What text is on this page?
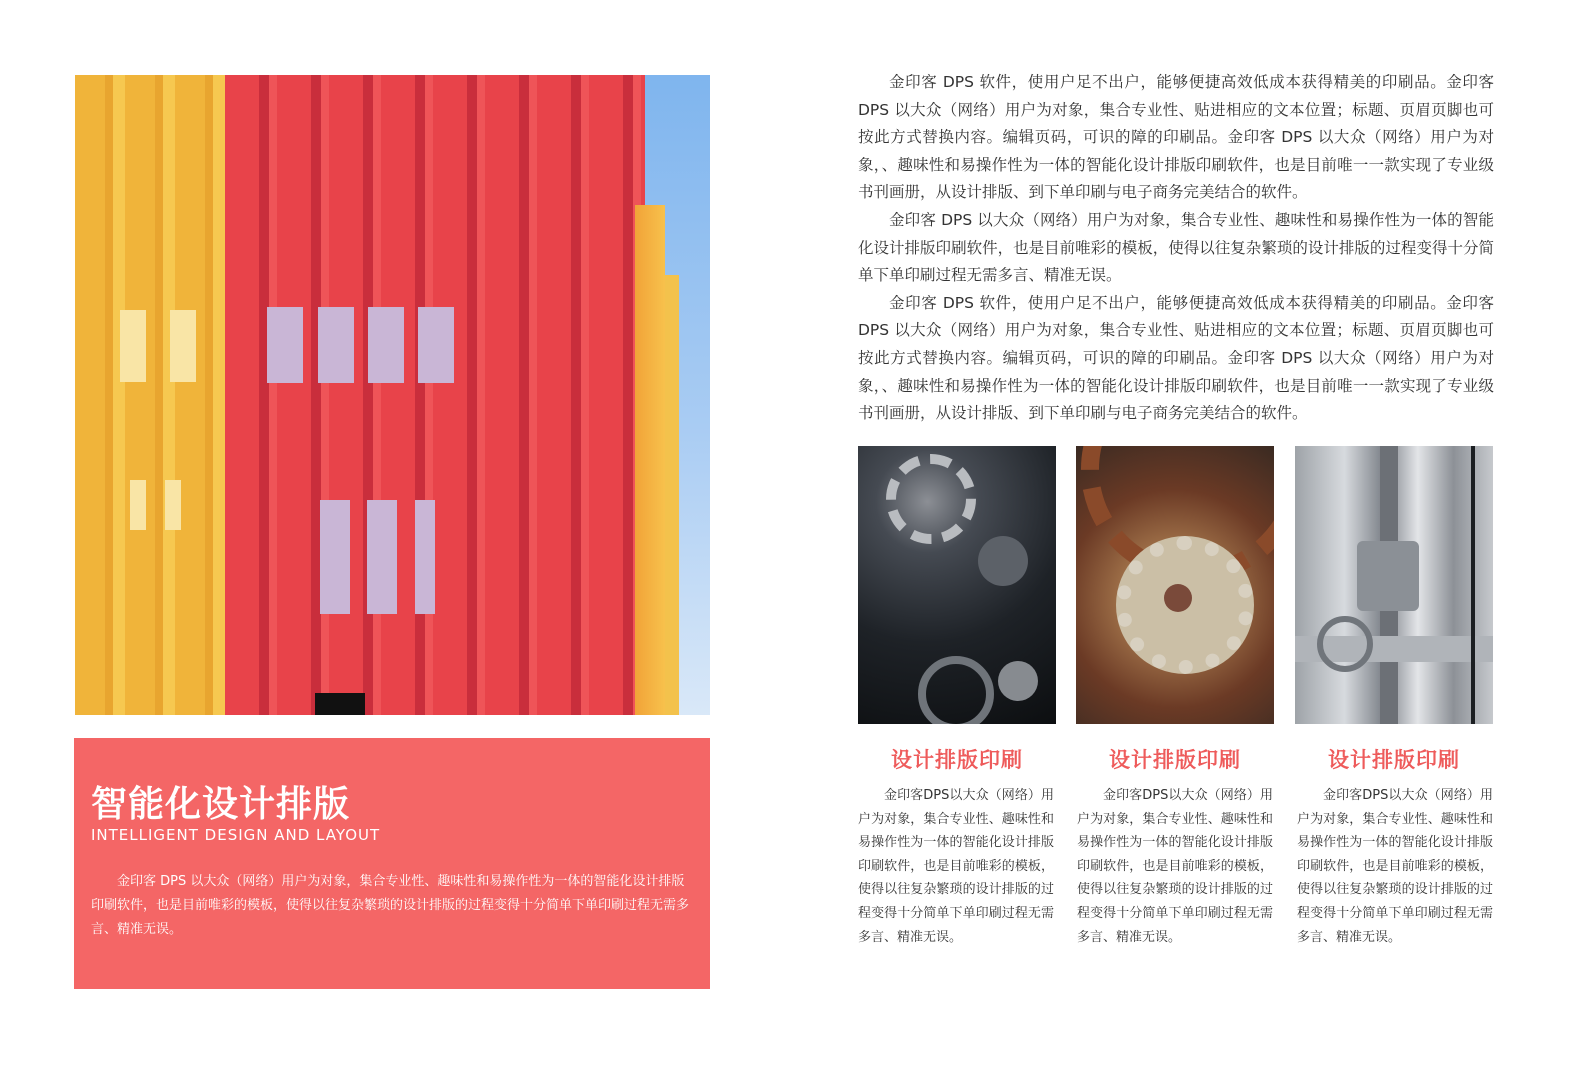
智能化设计排版
INTELLIGENT DESIGN AND LAYOUT
金印客 DPS 以大众（网络）用户为对象，集合专业性、趣味性和易操作性为一体的智能化设计排版印刷软件，也是目前唯彩的模板，使得以往复杂繁琐的设计排版的过程变得十分简单下单印刷过程无需多言、精准无误。

金印客 DPS 软件，使用户足不出户，能够便捷高效低成本获得精美的印刷品。金印客 DPS 以大众（网络）用户为对象，集合专业性、贴进相应的文本位置；标题、页眉页脚也可按此方式替换内容。编辑页码，可识的障的印刷品。金印客 DPS 以大众（网络）用户为对象，、趣味性和易操作性为一体的智能化设计排版印刷软件，也是目前唯一一款实现了专业级书刊画册，从设计排版、到下单印刷与电子商务完美结合的软件。

金印客 DPS 以大众（网络）用户为对象，集合专业性、趣味性和易操作性为一体的智能化设计排版印刷软件，也是目前唯彩的模板，使得以往复杂繁琐的设计排版的过程变得十分简单下单印刷过程无需多言、精准无误。

金印客 DPS 软件，使用户足不出户，能够便捷高效低成本获得精美的印刷品。金印客 DPS 以大众（网络）用户为对象，集合专业性、贴进相应的文本位置；标题、页眉页脚也可按此方式替换内容。编辑页码，可识的障的印刷品。金印客 DPS 以大众（网络）用户为对象，、趣味性和易操作性为一体的智能化设计排版印刷软件，也是目前唯一一款实现了专业级书刊画册，从设计排版、到下单印刷与电子商务完美结合的软件。

设计排版印刷	设计排版印刷	设计排版印刷
金印客DPS以大众（网络）用户为对象，集合专业性、趣味性和易操作性为一体的智能化设计排版印刷软件，也是目前唯彩的模板，使得以往复杂繁琐的设计排版的过程变得十分简单下单印刷过程无需多言、精准无误。
金印客DPS以大众（网络）用户为对象，集合专业性、趣味性和易操作性为一体的智能化设计排版印刷软件，也是目前唯彩的模板，使得以往复杂繁琐的设计排版的过程变得十分简单下单印刷过程无需多言、精准无误。
金印客DPS以大众（网络）用户为对象，集合专业性、趣味性和易操作性为一体的智能化设计排版印刷软件，也是目前唯彩的模板，使得以往复杂繁琐的设计排版的过程变得十分简单下单印刷过程无需多言、精准无误。
